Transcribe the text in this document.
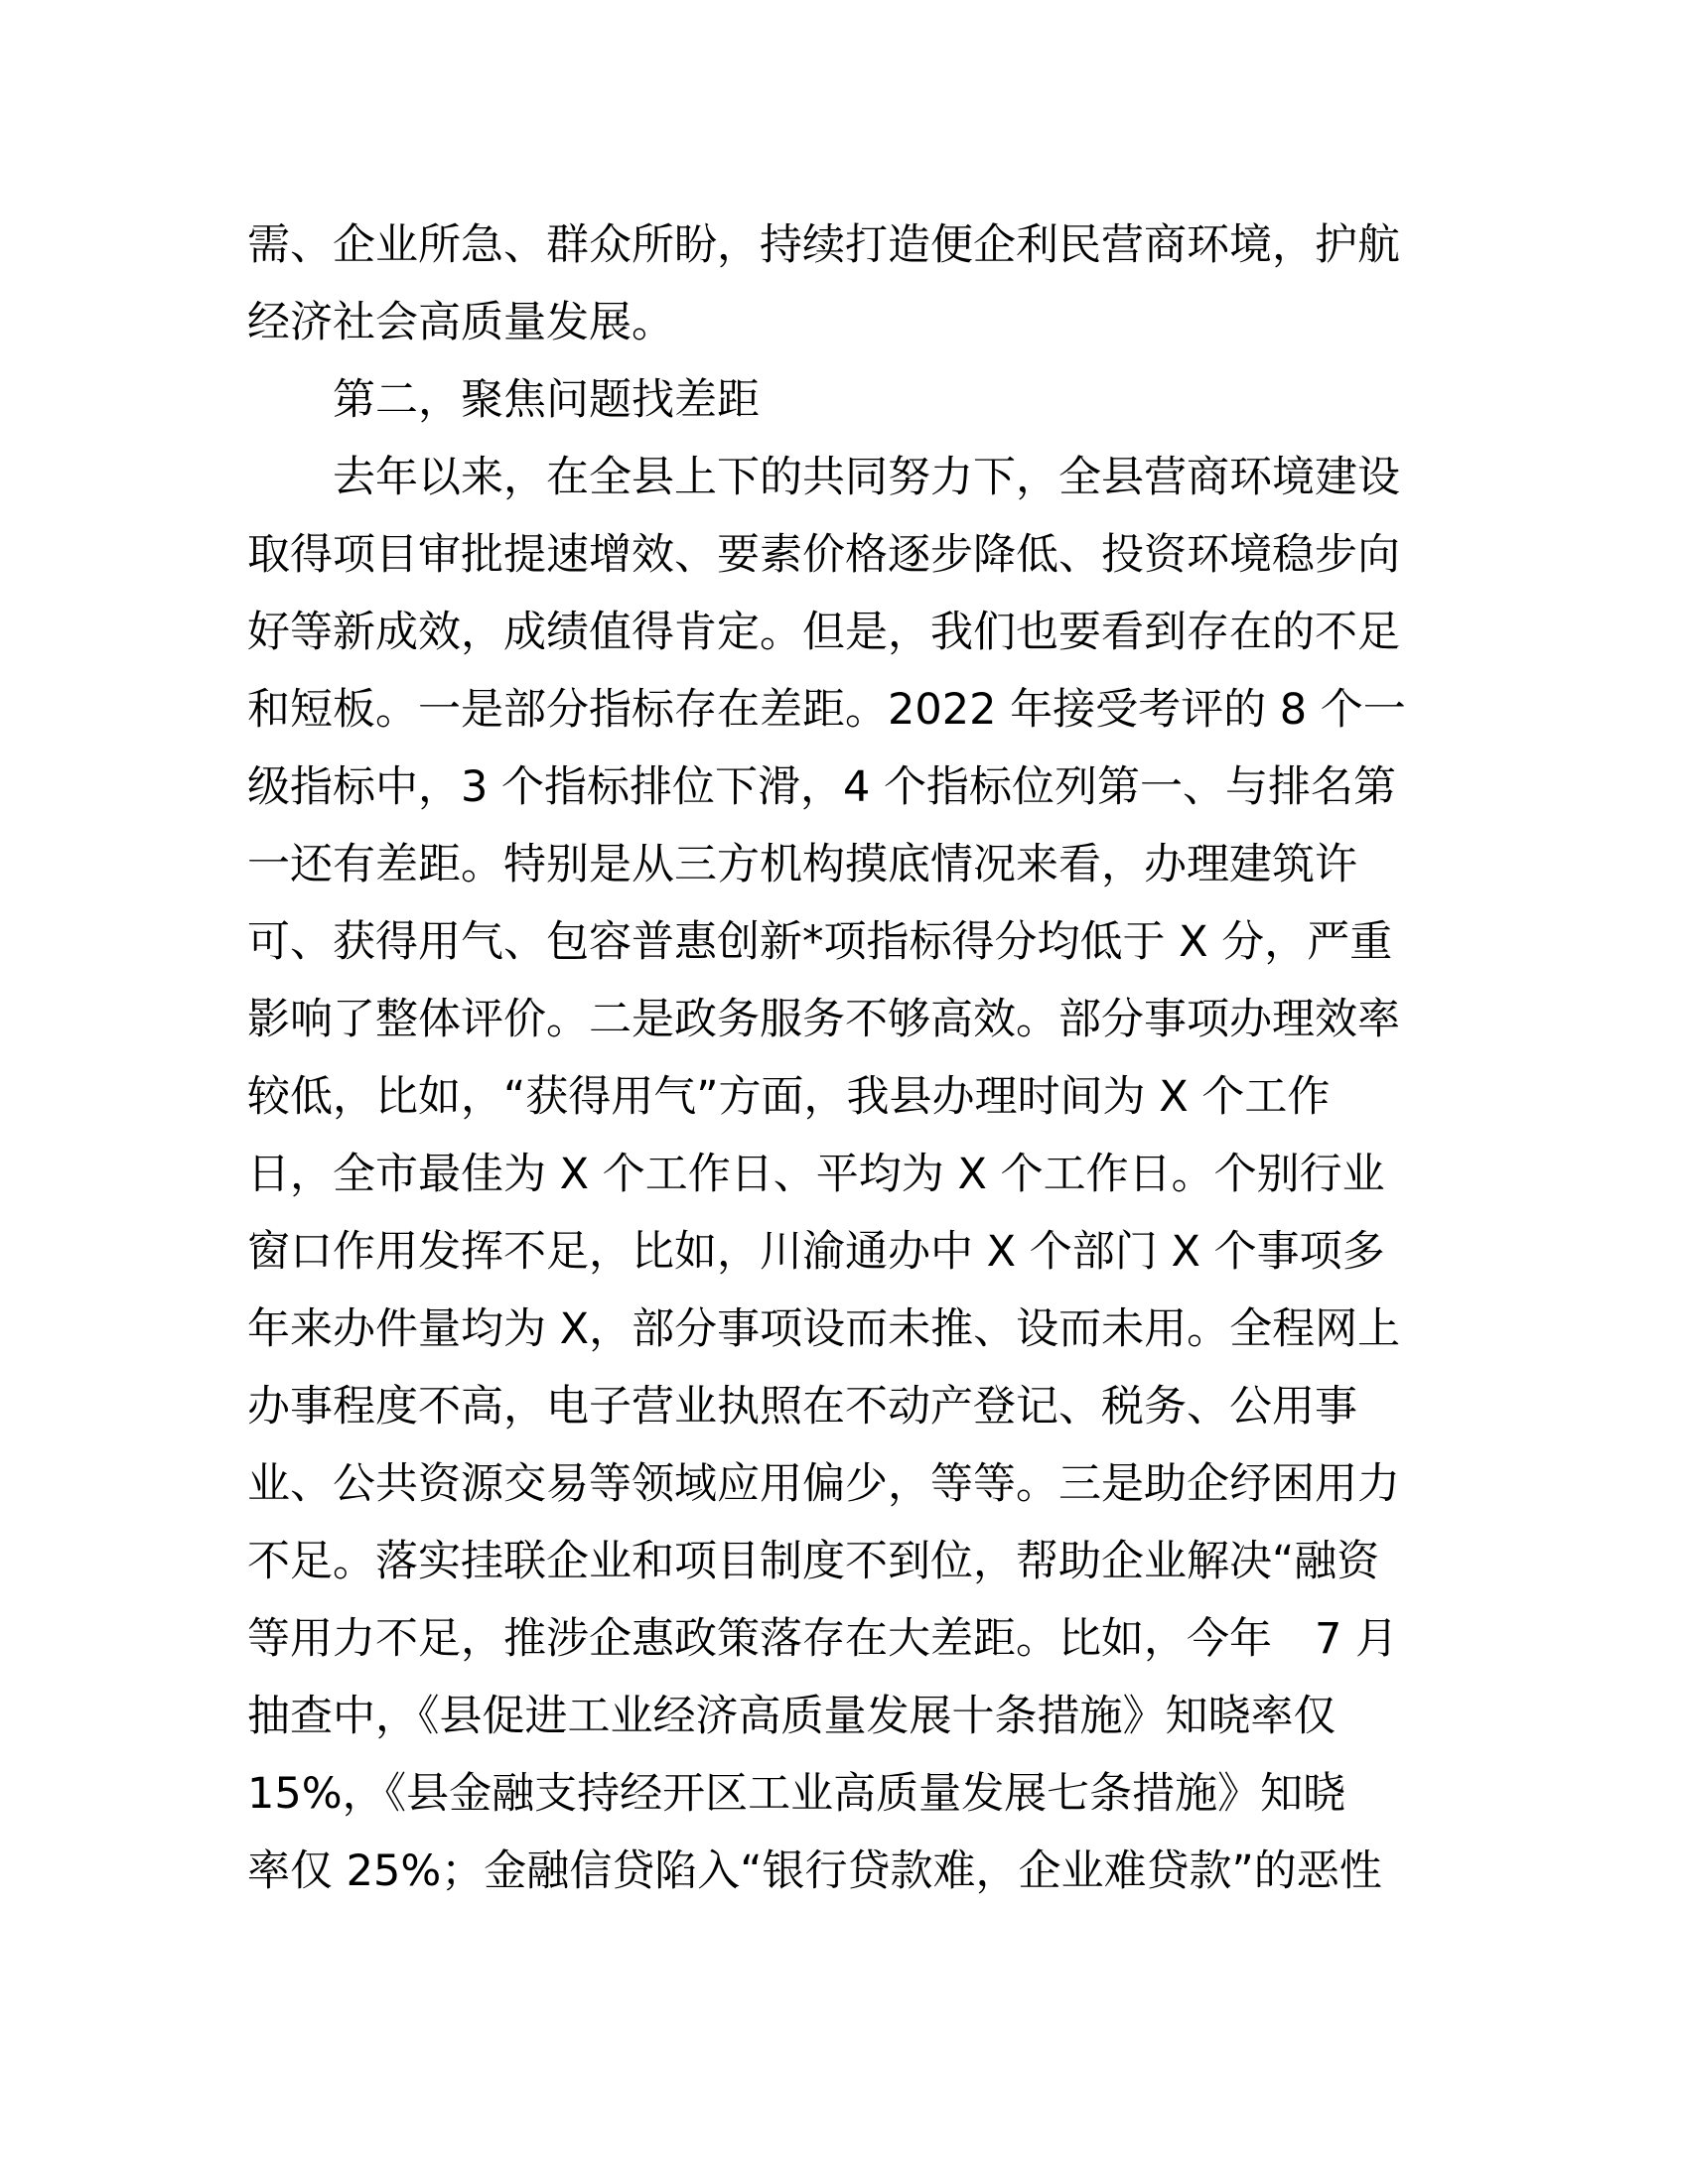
需、企业所急、群众所盼，持续打造便企利民营商环境，护航
经济社会高质量发展。
第二，聚焦问题找差距
去年以来，在全县上下的共同努力下，全县营商环境建设
取得项目审批提速增效、要素价格逐步降低、投资环境稳步向
好等新成效，成绩值得肯定。但是，我们也要看到存在的不足
和短板。一是部分指标存在差距。2022 年接受考评的 8 个一
级指标中，3 个指标排位下滑，4 个指标位列第一、与排名第
一还有差距。特别是从三方机构摸底情况来看，办理建筑许
可、获得用气、包容普惠创新*项指标得分均低于 X 分，严重
影响了整体评价。二是政务服务不够高效。部分事项办理效率
较低，比如，“获得用气”方面，我县办理时间为 X 个工作
日，全市最佳为 X 个工作日、平均为 X 个工作日。个别行业
窗口作用发挥不足，比如，川渝通办中 X 个部门 X 个事项多
年来办件量均为 X，部分事项设而未推、设而未用。全程网上
办事程度不高，电子营业执照在不动产登记、税务、公用事
业、公共资源交易等领域应用偏少，等等。三是助企纾困用力
不足。落实挂联企业和项目制度不到位，帮助企业解决“融资
等用力不足，推涉企惠政策落存在大差距。比如，今年　7 月
抽查中，《县促进工业经济高质量发展十条措施》知晓率仅
15%，《县金融支持经开区工业高质量发展七条措施》知晓
率仅 25%；金融信贷陷入“银行贷款难，企业难贷款”的恶性
